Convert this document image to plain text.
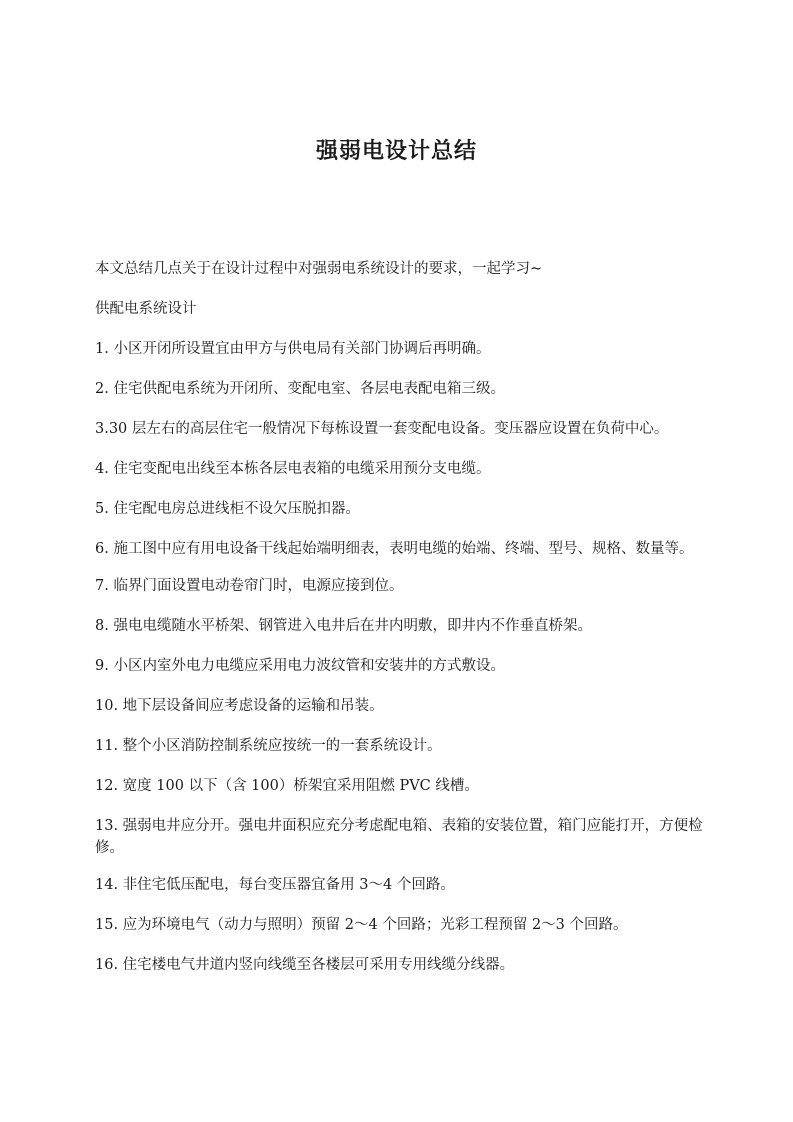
强弱电设计总结

本文总结几点关于在设计过程中对强弱电系统设计的要求，一起学习~

供配电系统设计

1. 小区开闭所设置宜由甲方与供电局有关部门协调后再明确。

2. 住宅供配电系统为开闭所、变配电室、各层电表配电箱三级。

3.30 层左右的高层住宅一般情况下每栋设置一套变配电设备。变压器应设置在负荷中心。

4. 住宅变配电出线至本栋各层电表箱的电缆采用预分支电缆。

5. 住宅配电房总进线柜不设欠压脱扣器。

6. 施工图中应有用电设备干线起始端明细表，表明电缆的始端、终端、型号、规格、数量等。

7. 临界门面设置电动卷帘门时，电源应接到位。

8. 强电电缆随水平桥架、钢管进入电井后在井内明敷，即井内不作垂直桥架。

9. 小区内室外电力电缆应采用电力波纹管和安装井的方式敷设。

10. 地下层设备间应考虑设备的运输和吊装。

11. 整个小区消防控制系统应按统一的一套系统设计。

12. 宽度 100 以下（含 100）桥架宜采用阻燃 PVC 线槽。

13. 强弱电井应分开。强电井面积应充分考虑配电箱、表箱的安装位置，箱门应能打开，方便检修。

14. 非住宅低压配电，每台变压器宜备用 3～4 个回路。

15. 应为环境电气（动力与照明）预留 2～4 个回路；光彩工程预留 2～3 个回路。

16. 住宅楼电气井道内竖向线缆至各楼层可采用专用线缆分线器。
